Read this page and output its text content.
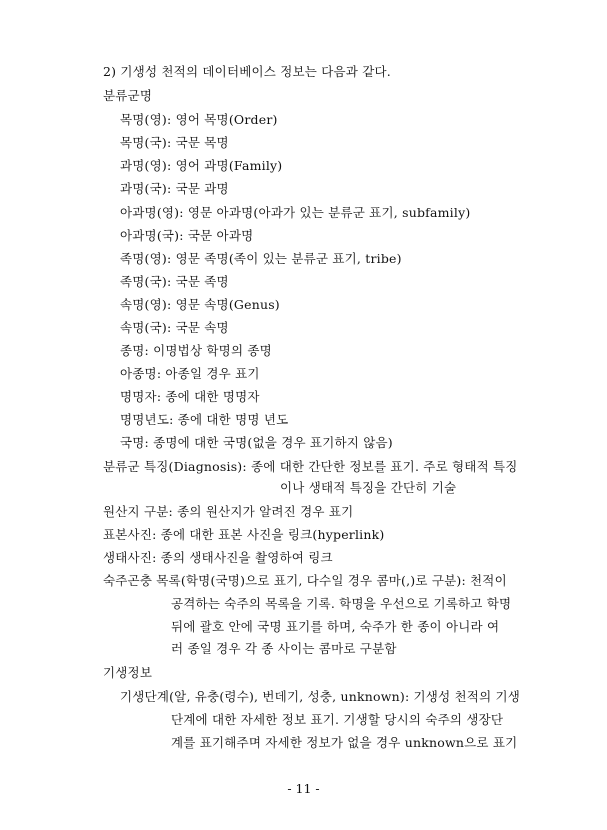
2) 기생성 천적의 데이터베이스 정보는 다음과 같다.
분류군명
목명(영): 영어 목명(Order)
목명(국): 국문 목명
과명(영): 영어 과명(Family)
과명(국): 국문 과명
아과명(영): 영문 아과명(아과가 있는 분류군 표기, subfamily)
아과명(국): 국문 아과명
족명(영): 영문 족명(족이 있는 분류군 표기, tribe)
족명(국): 국문 족명
속명(영): 영문 속명(Genus)
속명(국): 국문 속명
종명: 이명법상 학명의 종명
아종명: 아종일 경우 표기
명명자: 종에 대한 명명자
명명년도: 종에 대한 명명 년도
국명: 종명에 대한 국명(없을 경우 표기하지 않음)
분류군 특징(Diagnosis): 종에 대한 간단한 정보를 표기. 주로 형태적 특징
이나 생태적 특징을 간단히 기술
원산지 구분: 종의 원산지가 알려진 경우 표기
표본사진: 종에 대한 표본 사진을 링크(hyperlink)
생태사진: 종의 생태사진을 촬영하여 링크
숙주곤충 목록(학명(국명)으로 표기, 다수일 경우 콤마(,)로 구분): 천적이
공격하는 숙주의 목록을 기록. 학명을 우선으로 기록하고 학명
뒤에 괄호 안에 국명 표기를 하며, 숙주가 한 종이 아니라 여
러 종일 경우 각 종 사이는 콤마로 구분함
기생정보
기생단계(알, 유충(령수), 번데기, 성충, unknown): 기생성 천적의 기생
단계에 대한 자세한 정보 표기. 기생할 당시의 숙주의 생장단
계를 표기해주며 자세한 정보가 없을 경우 unknown으로 표기
- 11 -
